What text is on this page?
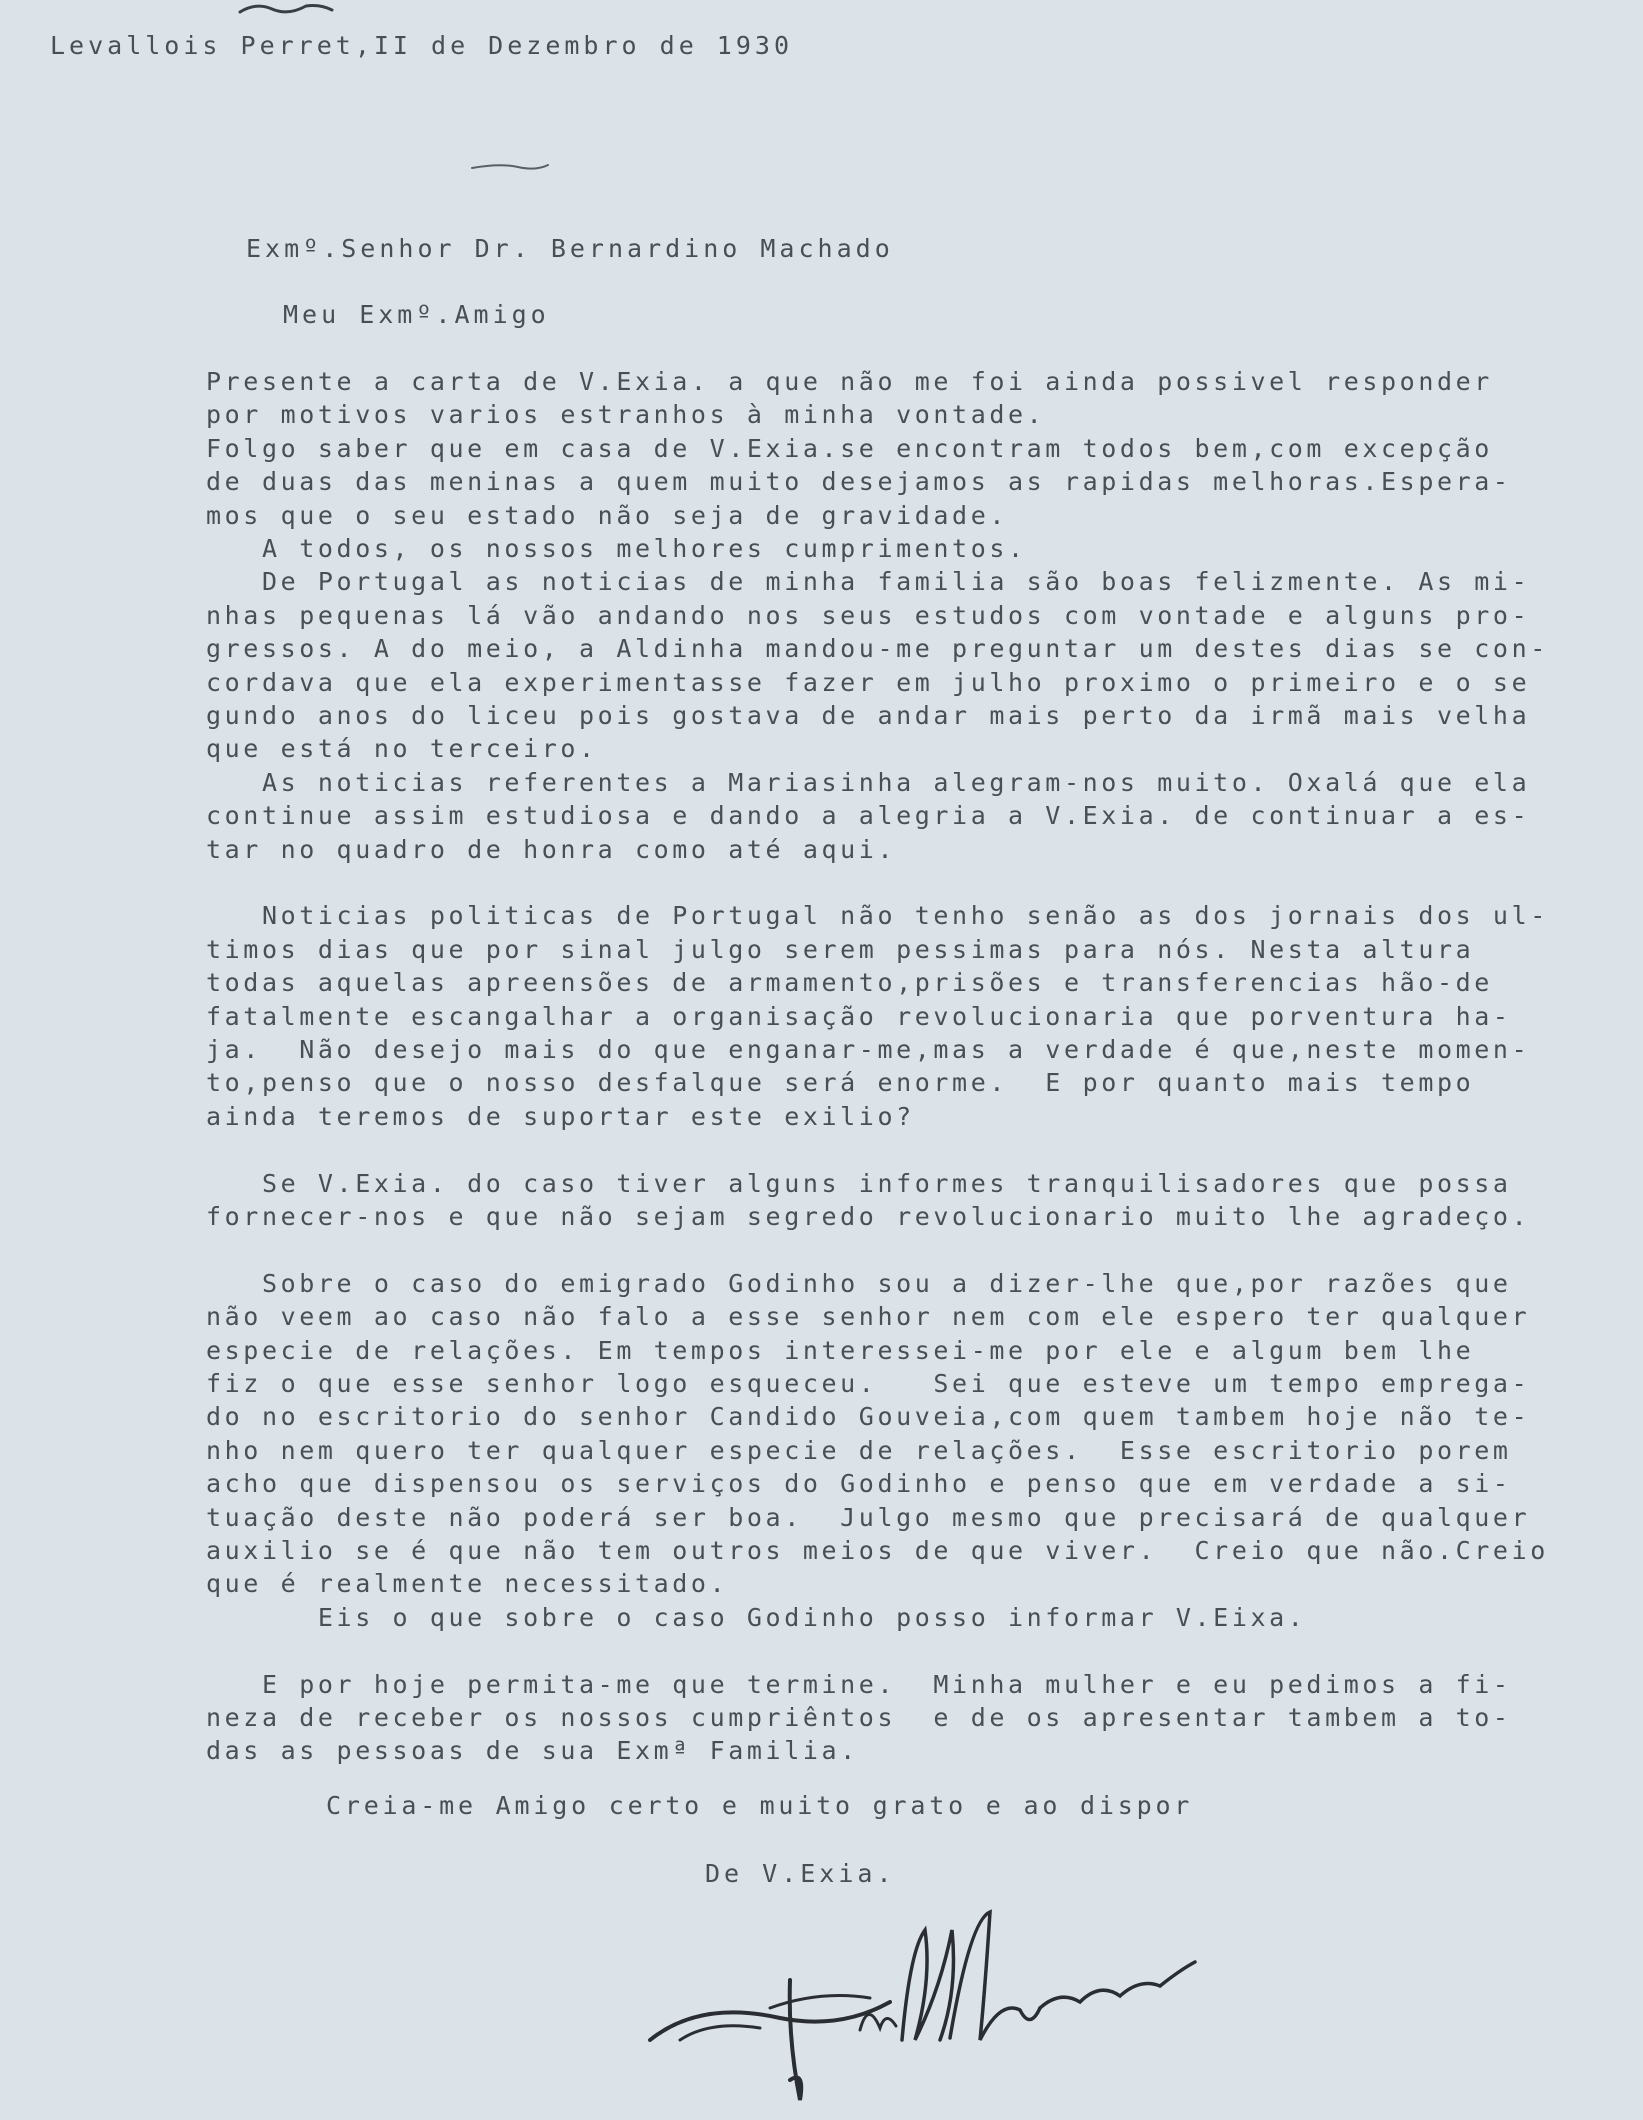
Levallois Perret,II de Dezembro de 1930
Exmº.Senhor Dr. Bernardino Machado
Meu Exmº.Amigo
Presente a carta de V.Exia. a que não me foi ainda possivel responder
por motivos varios estranhos à minha vontade.
Folgo saber que em casa de V.Exia.se encontram todos bem,com excepção
de duas das meninas a quem muito desejamos as rapidas melhoras.Espera-
mos que o seu estado não seja de gravidade.
A todos, os nossos melhores cumprimentos.
De Portugal as noticias de minha familia são boas felizmente. As mi-
nhas pequenas lá vão andando nos seus estudos com vontade e alguns pro-
gressos. A do meio, a Aldinha mandou-me preguntar um destes dias se con-
cordava que ela experimentasse fazer em julho proximo o primeiro e o se
gundo anos do liceu pois gostava de andar mais perto da irmã mais velha
que está no terceiro.
As noticias referentes a Mariasinha alegram-nos muito. Oxalá que ela
continue assim estudiosa e dando a alegria a V.Exia. de continuar a es-
tar no quadro de honra como até aqui.
Noticias politicas de Portugal não tenho senão as dos jornais dos ul-
timos dias que por sinal julgo serem pessimas para nós. Nesta altura
todas aquelas apreensões de armamento,prisões e transferencias hão-de
fatalmente escangalhar a organisação revolucionaria que porventura ha-
ja.  Não desejo mais do que enganar-me,mas a verdade é que,neste momen-
to,penso que o nosso desfalque será enorme.  E por quanto mais tempo
ainda teremos de suportar este exilio?
Se V.Exia. do caso tiver alguns informes tranquilisadores que possa
fornecer-nos e que não sejam segredo revolucionario muito lhe agradeço.
Sobre o caso do emigrado Godinho sou a dizer-lhe que,por razões que
não veem ao caso não falo a esse senhor nem com ele espero ter qualquer
especie de relações. Em tempos interessei-me por ele e algum bem lhe
fiz o que esse senhor logo esqueceu.   Sei que esteve um tempo emprega-
do no escritorio do senhor Candido Gouveia,com quem tambem hoje não te-
nho nem quero ter qualquer especie de relações.  Esse escritorio porem
acho que dispensou os serviços do Godinho e penso que em verdade a si-
tuação deste não poderá ser boa.  Julgo mesmo que precisará de qualquer
auxilio se é que não tem outros meios de que viver.  Creio que não.Creio
que é realmente necessitado.
Eis o que sobre o caso Godinho posso informar V.Eixa.
E por hoje permita-me que termine.  Minha mulher e eu pedimos a fi-
neza de receber os nossos cumpriêntos  e de os apresentar tambem a to-
das as pessoas de sua Exmª Familia.
Creia-me Amigo certo e muito grato e ao dispor
De V.Exia.
